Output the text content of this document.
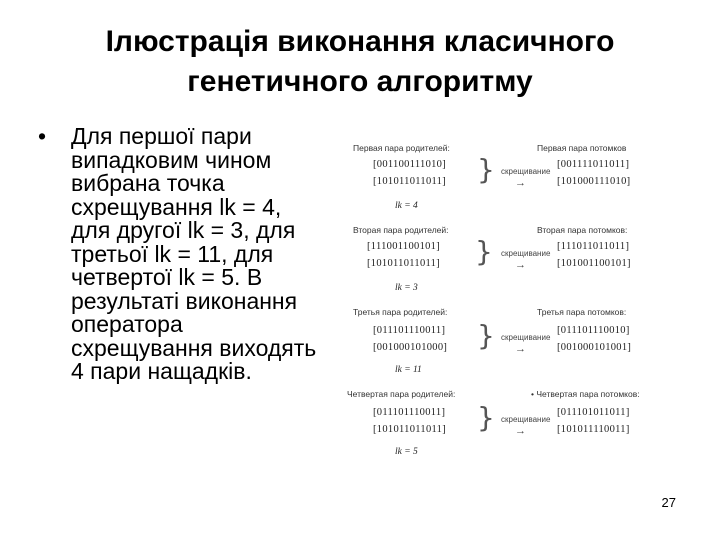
Ілюстрація виконання класичного
генетичного алгоритму
• Для першої пари
випадковим чином
вибрана точка
схрещування lk = 4,
для другої lk = 3, для
третьої lk = 11, для
четвертої lk = 5. В
результаті виконання
оператора
схрещування виходять
4 пари нащадків.
Первая пара родителей:	Первая пара потомков
[001100111010]
[101011011011] } скрещивание
→
[001111011011]
[101000111010]
lk = 4
Вторая пара родителей:	Вторая пара потомков:
[111001100101]
[101011011011] } скрещивание
→
[111011011011]
[101001100101]
lk = 3
Третья пара родителей:	Третья пара потомков:
[011101110011]
[001000101000] } скрещивание
→
[011101110010]
[001000101001]
lk = 11
Четвертая пара родителей:	• Четвертая пара потомков:
[011101110011]
[101011011011] } скрещивание
→
[011101011011]
[101011110011]
lk = 5
27
